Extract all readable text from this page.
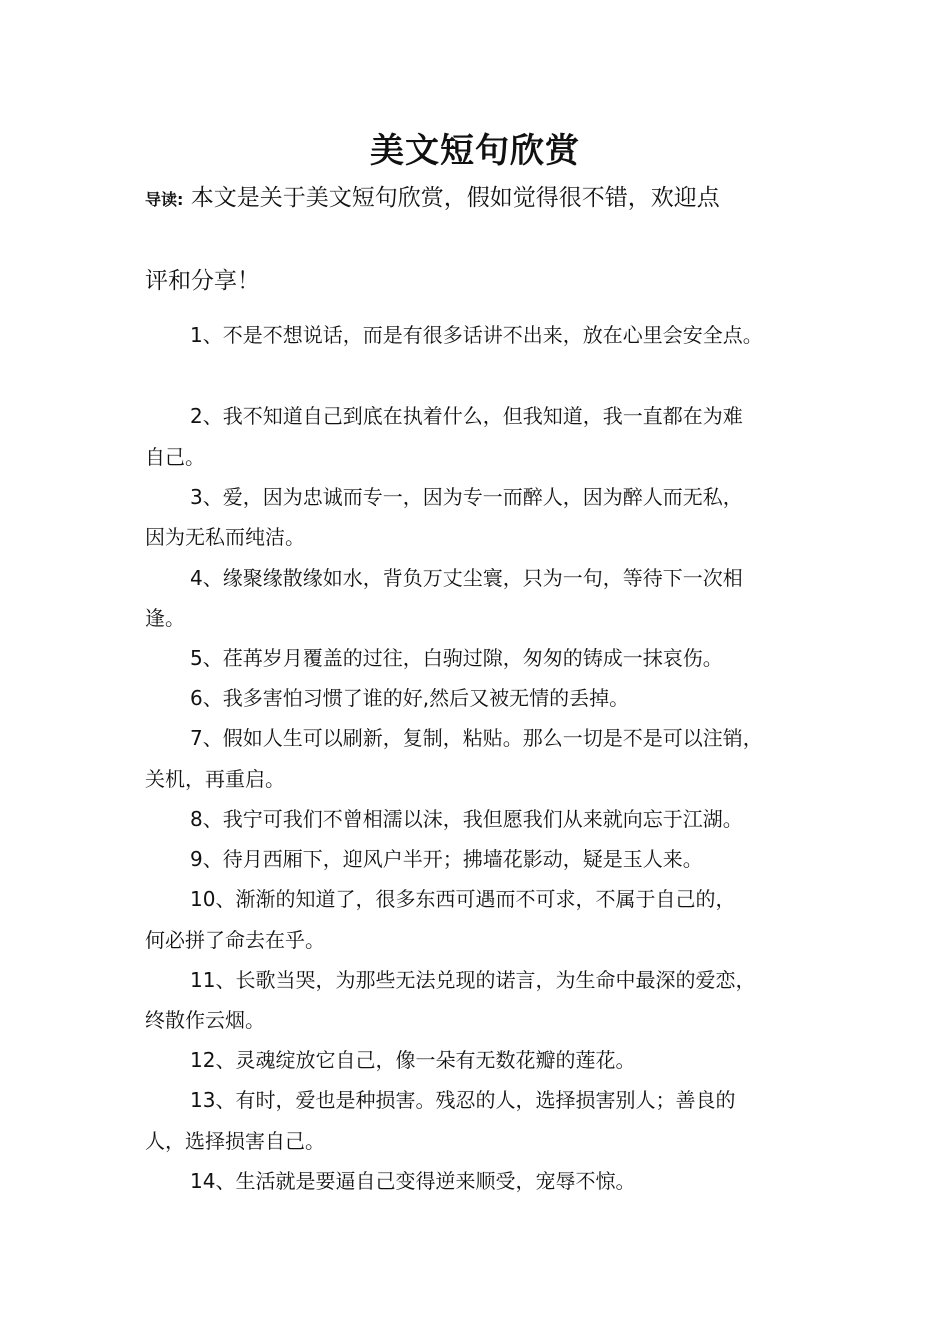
美文短句欣赏
导读: 本文是关于美文短句欣赏，假如觉得很不错，欢迎点
评和分享！
1、不是不想说话，而是有很多话讲不出来，放在心里会安全点。
2、我不知道自己到底在执着什么，但我知道，我一直都在为难
自己。
3、爱，因为忠诚而专一，因为专一而醉人，因为醉人而无私，
因为无私而纯洁。
4、缘聚缘散缘如水，背负万丈尘寰，只为一句，等待下一次相
逢。
5、荏苒岁月覆盖的过往，白驹过隙，匆匆的铸成一抹哀伤。
6、我多害怕习惯了谁的好,然后又被无情的丢掉。
7、假如人生可以刷新，复制，粘贴。那么一切是不是可以注销，
关机，再重启。
8、我宁可我们不曾相濡以沫，我但愿我们从来就向忘于江湖。
9、待月西厢下，迎风户半开；拂墙花影动，疑是玉人来。
10、渐渐的知道了，很多东西可遇而不可求，不属于自己的，
何必拼了命去在乎。
11、长歌当哭，为那些无法兑现的诺言，为生命中最深的爱恋，
终散作云烟。
12、灵魂绽放它自己，像一朵有无数花瓣的莲花。
13、有时，爱也是种损害。残忍的人，选择损害别人；善良的
人，选择损害自己。
14、生活就是要逼自己变得逆来顺受，宠辱不惊。
